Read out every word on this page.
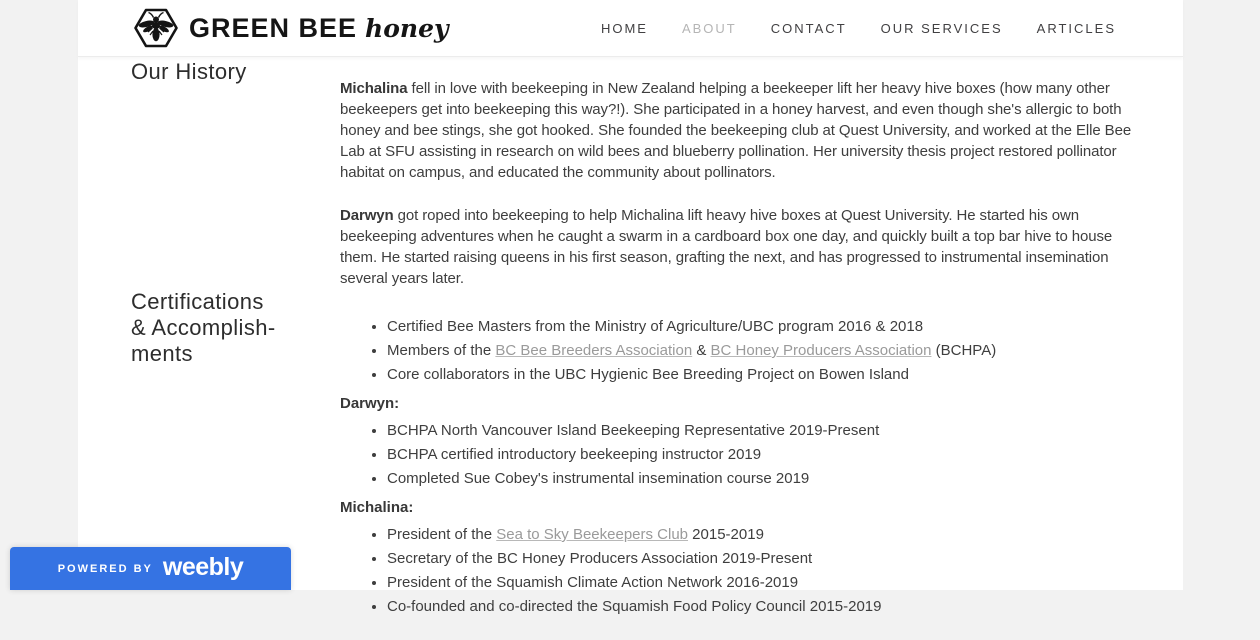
GREEN BEE honey	HOME	ABOUT	CONTACT	OUR SERVICES	ARTICLES
Our History
Certifications
& Accomplish-
ments

Michalina fell in love with beekeeping in New Zealand helping a beekeeper lift her heavy hive boxes (how many other beekeepers get into beekeeping this way?!). She participated in a honey harvest, and even though she's allergic to both honey and bee stings, she got hooked. She founded the beekeeping club at Quest University, and worked at the Elle Bee Lab at SFU assisting in research on wild bees and blueberry pollination. Her university thesis project restored pollinator habitat on campus, and educated the community about pollinators.

Darwyn got roped into beekeeping to help Michalina lift heavy hive boxes at Quest University. He started his own beekeeping adventures when he caught a swarm in a cardboard box one day, and quickly built a top bar hive to house them. He started raising queens in his first season, grafting the next, and has progressed to instrumental insemination several years later.

• Certified Bee Masters from the Ministry of Agriculture/UBC program 2016 & 2018
• Members of the BC Bee Breeders Association & BC Honey Producers Association (BCHPA)
• Core collaborators in the UBC Hygienic Bee Breeding Project on Bowen Island
Darwyn:
• BCHPA North Vancouver Island Beekeeping Representative 2019-Present
• BCHPA certified introductory beekeeping instructor 2019
• Completed Sue Cobey's instrumental insemination course 2019
Michalina:
• President of the Sea to Sky Beekeepers Club 2015-2019
• Secretary of the BC Honey Producers Association 2019-Present
• President of the Squamish Climate Action Network 2016-2019
• Co-founded and co-directed the Squamish Food Policy Council 2015-2019
POWERED BY weebly
